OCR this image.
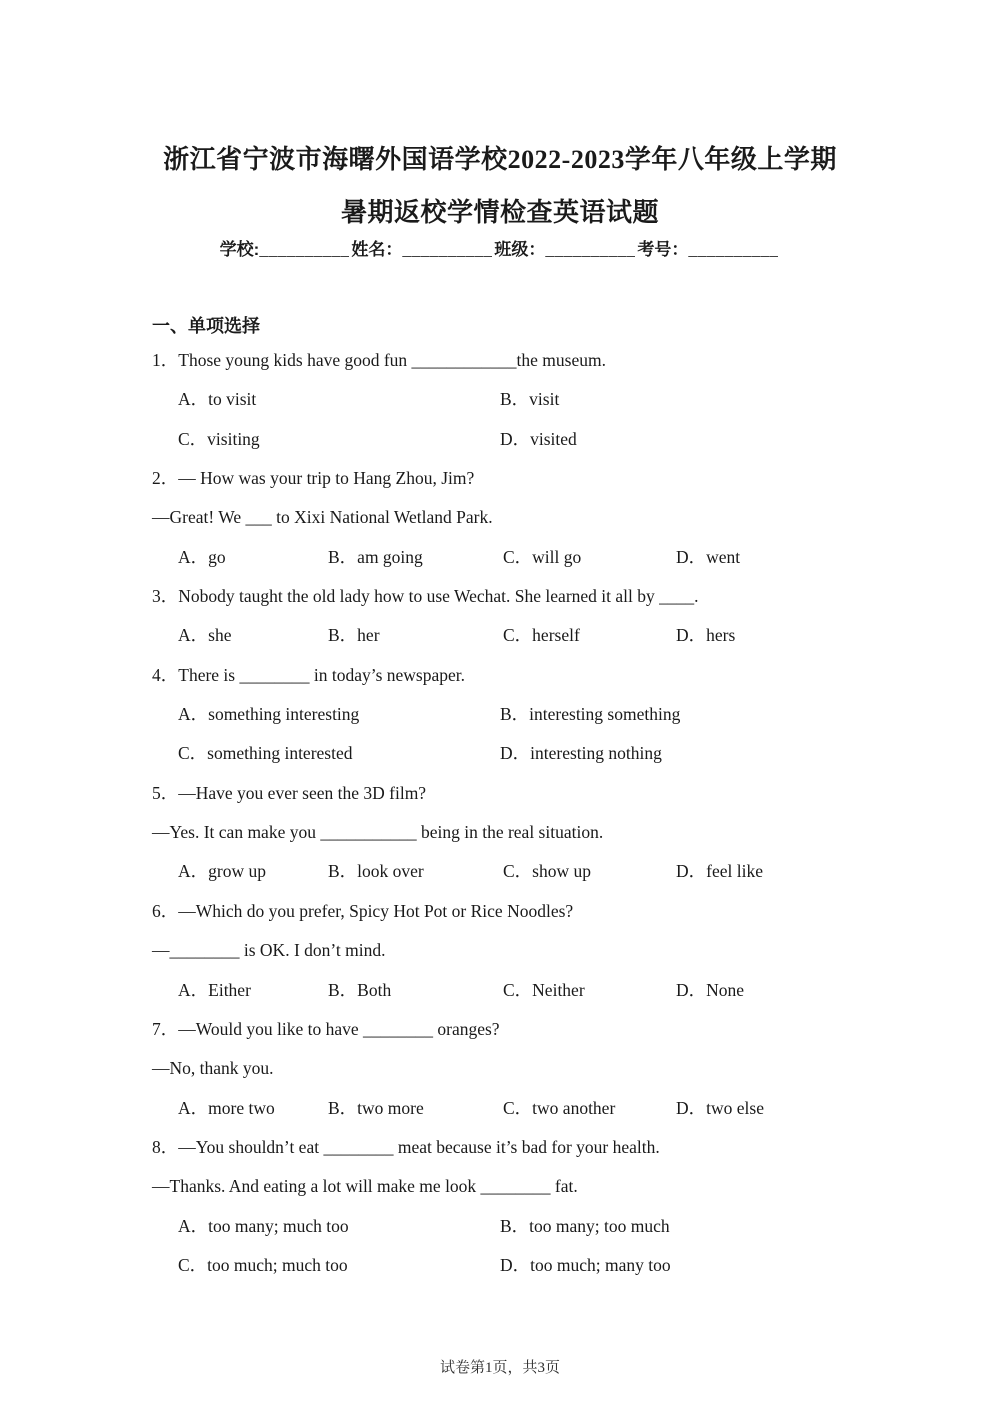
浙江省宁波市海曙外国语学校2022-2023学年八年级上学期
暑期返校学情检查英语试题
学校:__________ 姓名：__________ 班级：__________ 考号：__________
一、单项选择
1．Those young kids have good fun ____________the museum.
A．to visit	B．visit
C．visiting	D．visited
2．— How was your trip to Hang Zhou, Jim?
—Great! We ___ to Xixi National Wetland Park.
A．go	B．am going	C．will go	D．went
3．Nobody taught the old lady how to use Wechat. She learned it all by ____.
A．she	B．her	C．herself	D．hers
4．There is ________ in today’s newspaper.
A．something interesting	B．interesting something
C．something interested	D．interesting nothing
5．—Have you ever seen the 3D film?
—Yes. It can make you ___________ being in the real situation.
A．grow up	B．look over	C．show up	D．feel like
6．—Which do you prefer, Spicy Hot Pot or Rice Noodles?
—________ is OK. I don’t mind.
A．Either	B．Both	C．Neither	D．None
7．—Would you like to have ________ oranges?
—No, thank you.
A．more two	B．two more	C．two another	D．two else
8．—You shouldn’t eat ________ meat because it’s bad for your health.
—Thanks. And eating a lot will make me look ________ fat.
A．too many; much too	B．too many; too much
C．too much; much too	D．too much; many too
试卷第1页，共3页
